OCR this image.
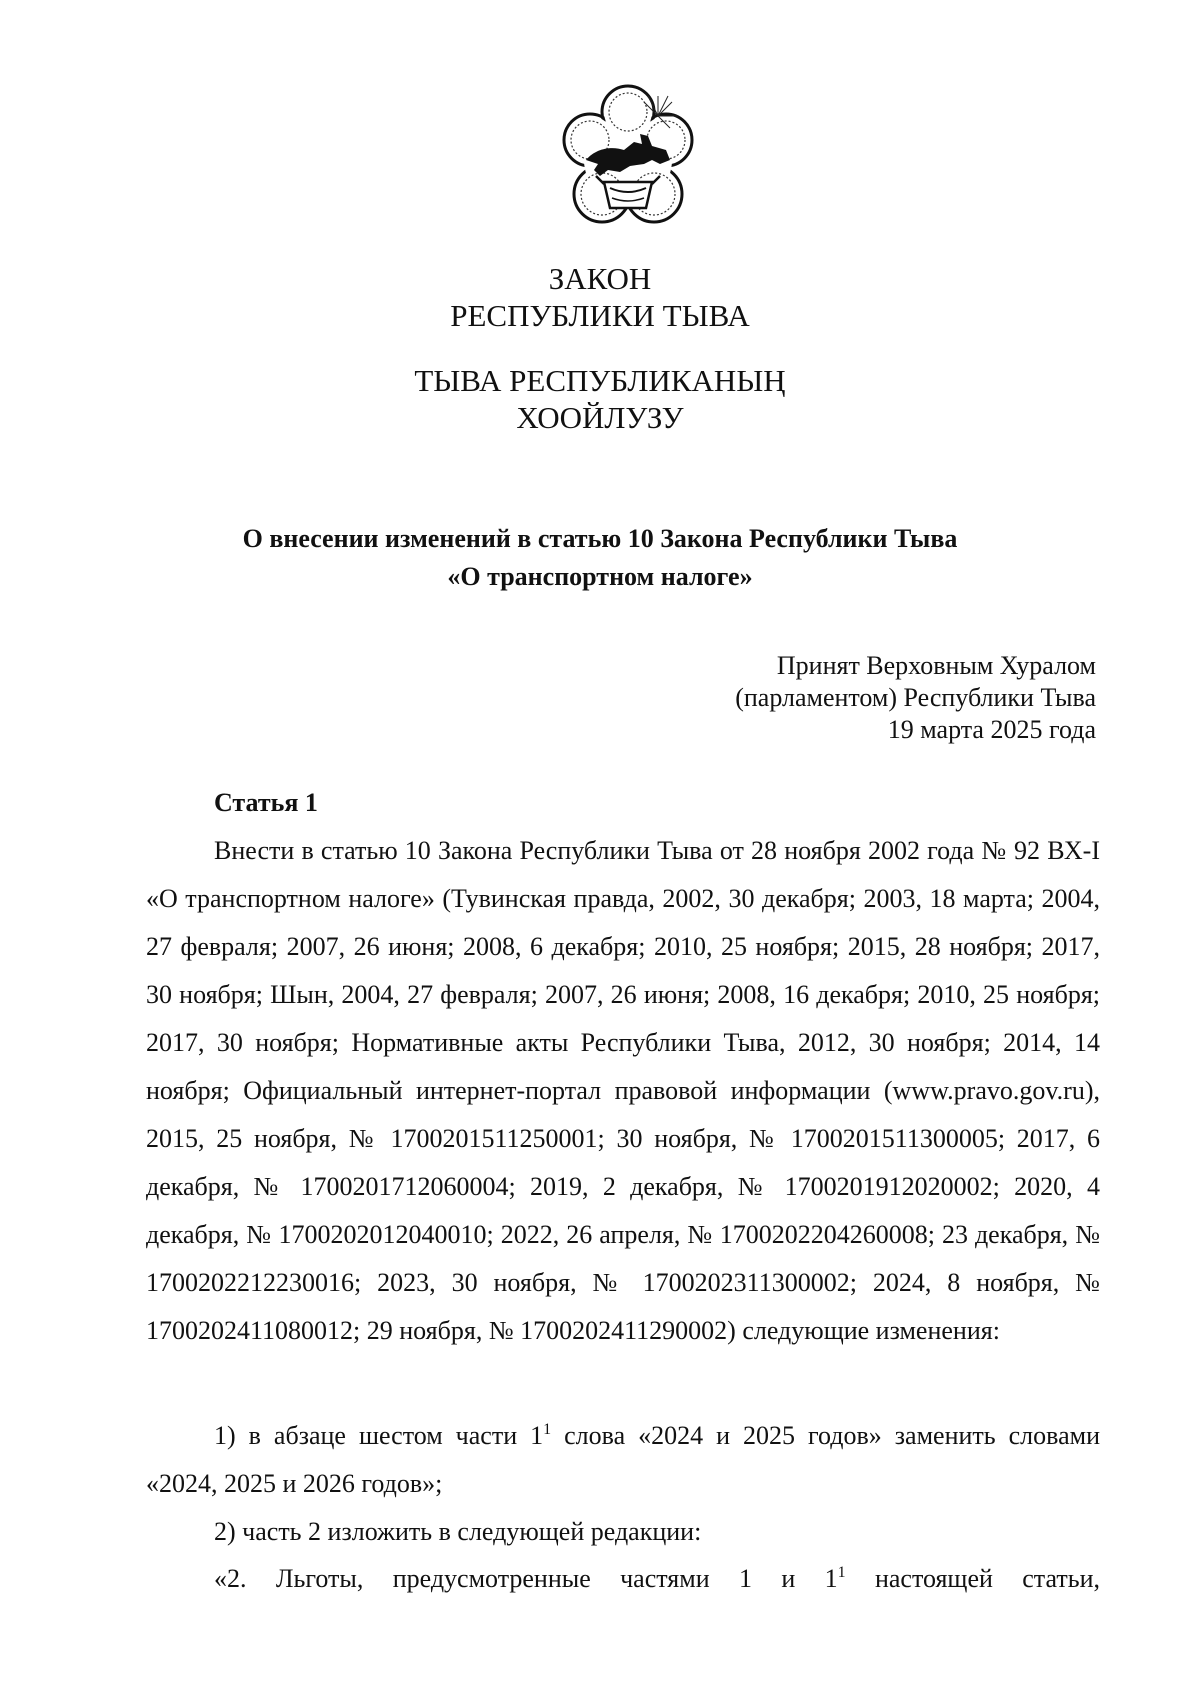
ЗАКОН
РЕСПУБЛИКИ ТЫВА
ТЫВА РЕСПУБЛИКАНЫҢ
ХООЙЛУЗУ
О внесении изменений в статью 10 Закона Республики Тыва
«О транспортном налоге»
Принят Верховным Хуралом
(парламентом) Республики Тыва
19 марта 2025 года
Статья 1
Внести в статью 10 Закона Республики Тыва от 28 ноября 2002 года № 92 ВХ-I «О транспортном налоге» (Тувинская правда, 2002, 30 декабря; 2003, 18 марта; 2004, 27 февраля; 2007, 26 июня; 2008, 6 декабря; 2010, 25 ноября; 2015, 28 ноября; 2017, 30 ноября; Шын, 2004, 27 февраля; 2007, 26 июня; 2008, 16 декабря; 2010, 25 ноября; 2017, 30 ноября; Нормативные акты Республики Тыва, 2012, 30 ноября; 2014, 14 ноября; Официальный интернет-портал правовой информации (www.pravo.gov.ru), 2015, 25 ноября, № 1700201511250001; 30 ноября, № 1700201511300005; 2017, 6 декабря, № 1700201712060004; 2019, 2 декабря, № 1700201912020002; 2020, 4 декабря, № 1700202012040010; 2022, 26 апреля, № 1700202204260008; 23 декабря, № 1700202212230016; 2023, 30 ноября, № 1700202311300002; 2024, 8 ноября, № 1700202411080012; 29 ноября, № 1700202411290002) следующие изменения:
1) в абзаце шестом части $1^1$ слова «2024 и 2025 годов» заменить словами «2024, 2025 и 2026 годов»;
2) часть 2 изложить в следующей редакции:
«2. Льготы, предусмотренные частями 1 и $1^1$ настоящей статьи,
